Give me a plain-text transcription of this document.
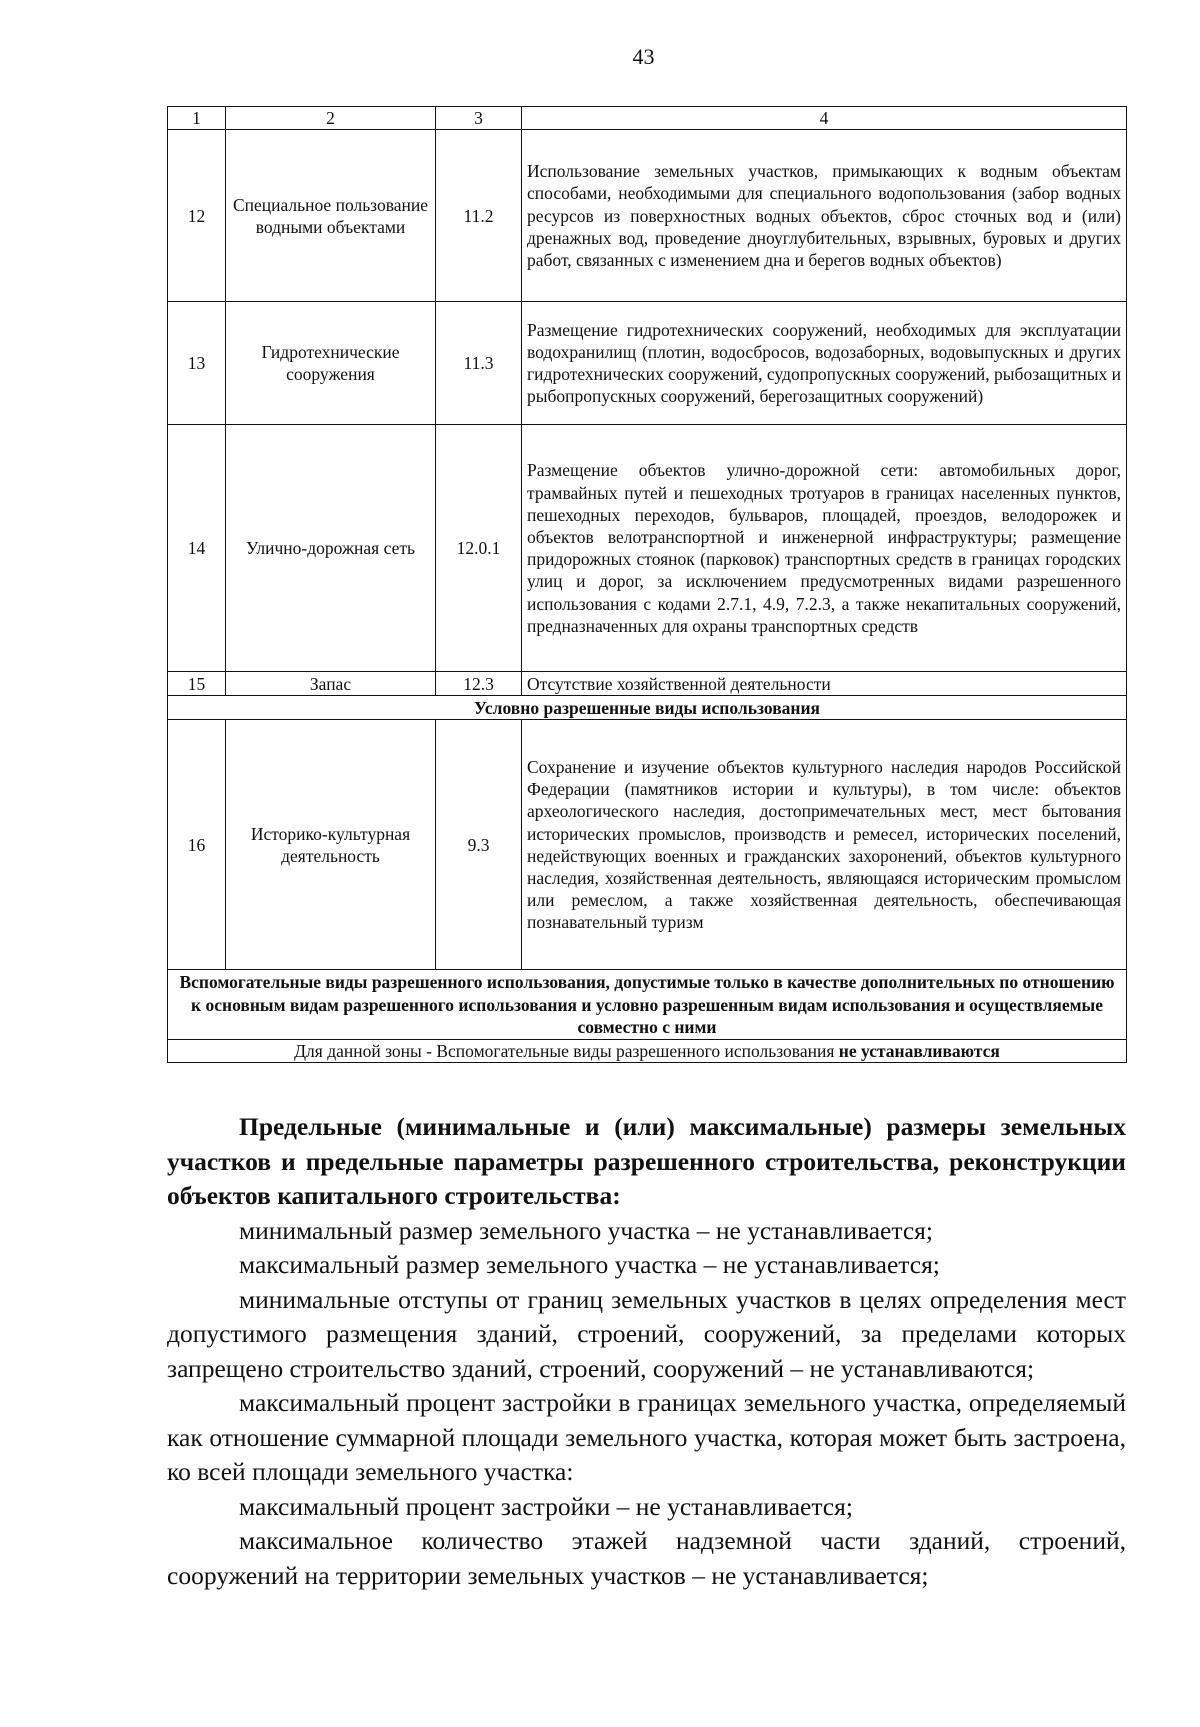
43
1	2	3	4
12	Специальное пользование водными объектами	11.2	Использование земельных участков, примыкающих к водным объектам способами, необходимыми для специального водопользования (забор водных ресурсов из поверхностных водных объектов, сброс сточных вод и (или) дренажных вод, проведение дноуглубительных, взрывных, буровых и других работ, связанных с изменением дна и берегов водных объектов)
13	Гидротехнические сооружения	11.3	Размещение гидротехнических сооружений, необходимых для эксплуатации водохранилищ (плотин, водосбросов, водозаборных, водовыпускных и других гидротехнических сооружений, судопропускных сооружений, рыбозащитных и рыбопропускных сооружений, берегозащитных сооружений)
14	Улично-дорожная сеть	12.0.1	Размещение объектов улично-дорожной сети: автомобильных дорог, трамвайных путей и пешеходных тротуаров в границах населенных пунктов, пешеходных переходов, бульваров, площадей, проездов, велодорожек и объектов велотранспортной и инженерной инфраструктуры; размещение придорожных стоянок (парковок) транспортных средств в границах городских улиц и дорог, за исключением предусмотренных видами разрешенного использования с кодами 2.7.1, 4.9, 7.2.3, а также некапитальных сооружений, предназначенных для охраны транспортных средств
15	Запас	12.3	Отсутствие хозяйственной деятельности
Условно разрешенные виды использования			
16	Историко-культурная деятельность	9.3	Сохранение и изучение объектов культурного наследия народов Российской Федерации (памятников истории и культуры), в том числе: объектов археологического наследия, достопримечательных мест, мест бытования исторических промыслов, производств и ремесел, исторических поселений, недействующих военных и гражданских захоронений, объектов культурного наследия, хозяйственная деятельность, являющаяся историческим промыслом или ремеслом, а также хозяйственная деятельность, обеспечивающая познавательный туризм
Вспомогательные виды разрешенного использования, допустимые только в качестве дополнительных по отношению к основным видам разрешенного использования и условно разрешенным видам использования и осуществляемые совместно с ними			
Для данной зоны - Вспомогательные виды разрешенного использования не устанавливаются			

Предельные (минимальные и (или) максимальные) размеры земельных участков и предельные параметры разрешенного строительства, реконструкции объектов капитального строительства:

минимальный размер земельного участка – не устанавливается;

максимальный размер земельного участка – не устанавливается;

минимальные отступы от границ земельных участков в целях определения мест допустимого размещения зданий, строений, сооружений, за пределами которых запрещено строительство зданий, строений, сооружений – не устанавливаются;

максимальный процент застройки в границах земельного участка, определяемый как отношение суммарной площади земельного участка, которая может быть застроена, ко всей площади земельного участка:

максимальный процент застройки – не устанавливается;

максимальное количество этажей надземной части зданий, строений, сооружений на территории земельных участков – не устанавливается;
